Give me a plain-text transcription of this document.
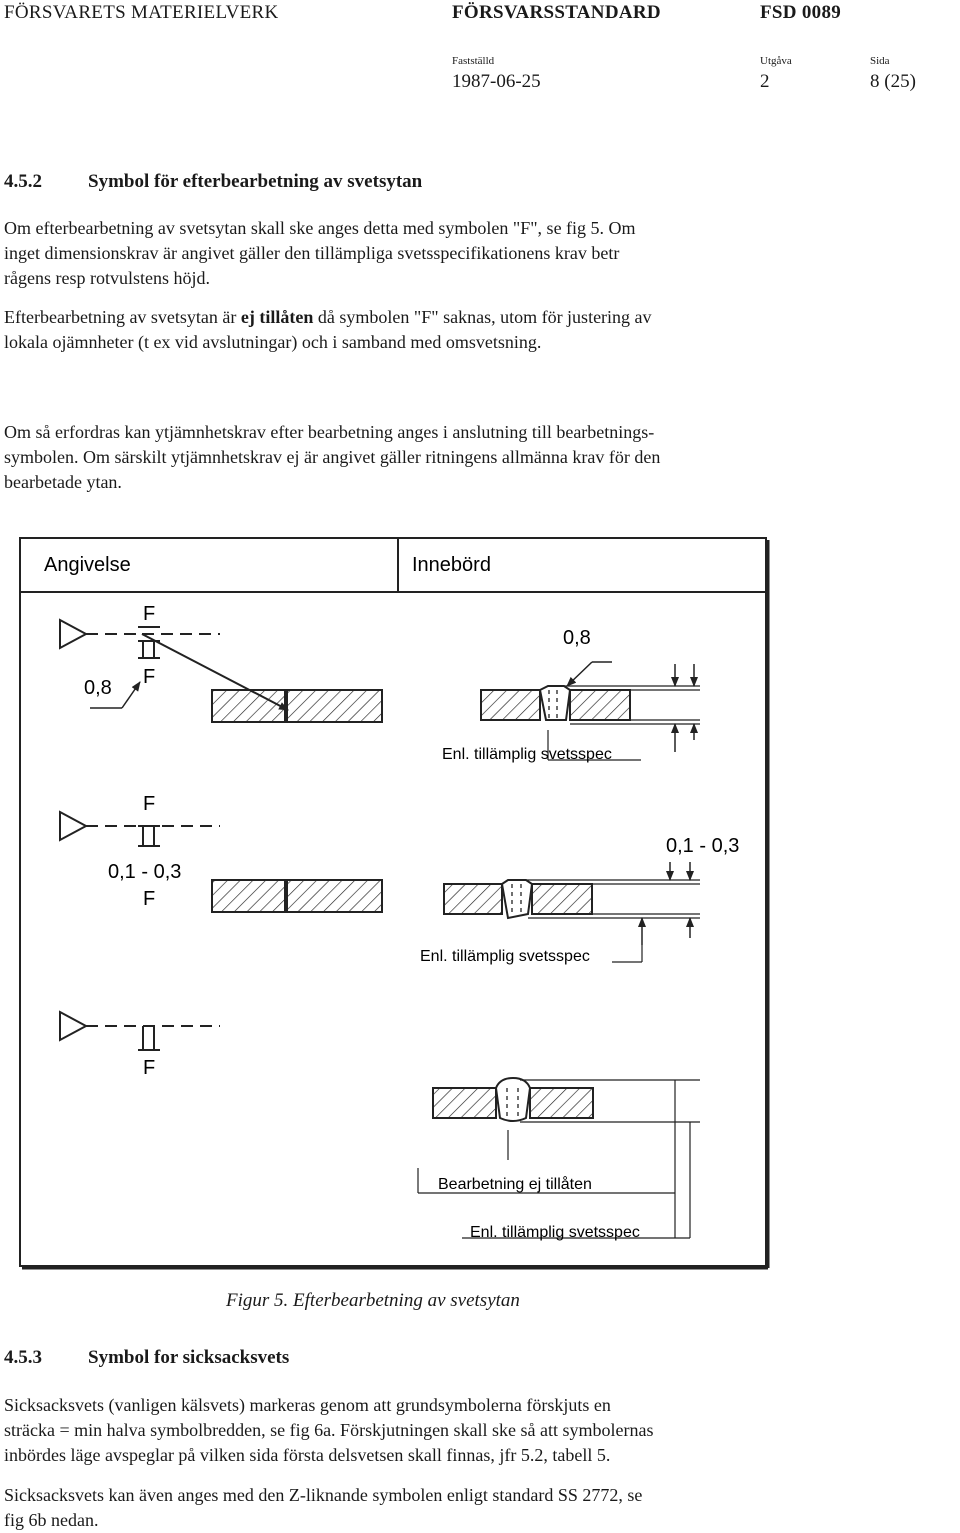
FÖRSVARETS MATERIELVERK	FÖRSVARSSTANDARD	FSD 0089
Fastställd	Utgåva	Sida
1987-06-25	2	8 (25)
4.5.2 Symbol för efterbearbetning av svetsytan
Om efterbearbetning av svetsytan skall ske anges detta med symbolen "F", se fig 5. Om
inget dimensionskrav är angivet gäller den tillämpliga svetsspecifikationens krav betr
rågens resp rotvulstens höjd.
Efterbearbetning av svetsytan är ej tillåten då symbolen "F" saknas, utom för justering av
lokala ojämnheter (t ex vid avslutningar) och i samband med omsvetsning.
Om så erfordras kan ytjämnhetskrav efter bearbetning anges i anslutning till bearbetnings-
symbolen. Om särskilt ytjämnhetskrav ej är angivet gäller ritningens allmänna krav för den
bearbetade ytan.
Angivelse	Innebörd
F
F
0,8
0,8
Enl. tillämplig svetsspec
F
0,1 - 0,3
F
0,1 - 0,3
Enl. tillämplig svetsspec
F
Bearbetning ej tillåten
Enl. tillämplig svetsspec
Figur 5. Efterbearbetning av svetsytan
4.5.3 Symbol for sicksacksvets
Sicksacksvets (vanligen kälsvets) markeras genom att grundsymbolerna förskjuts en
sträcka = min halva symbolbredden, se fig 6a. Förskjutningen skall ske så att symbolernas
inbördes läge avspeglar på vilken sida första delsvetsen skall finnas, jfr 5.2, tabell 5.
Sicksacksvets kan även anges med den Z-liknande symbolen enligt standard SS 2772, se
fig 6b nedan.
